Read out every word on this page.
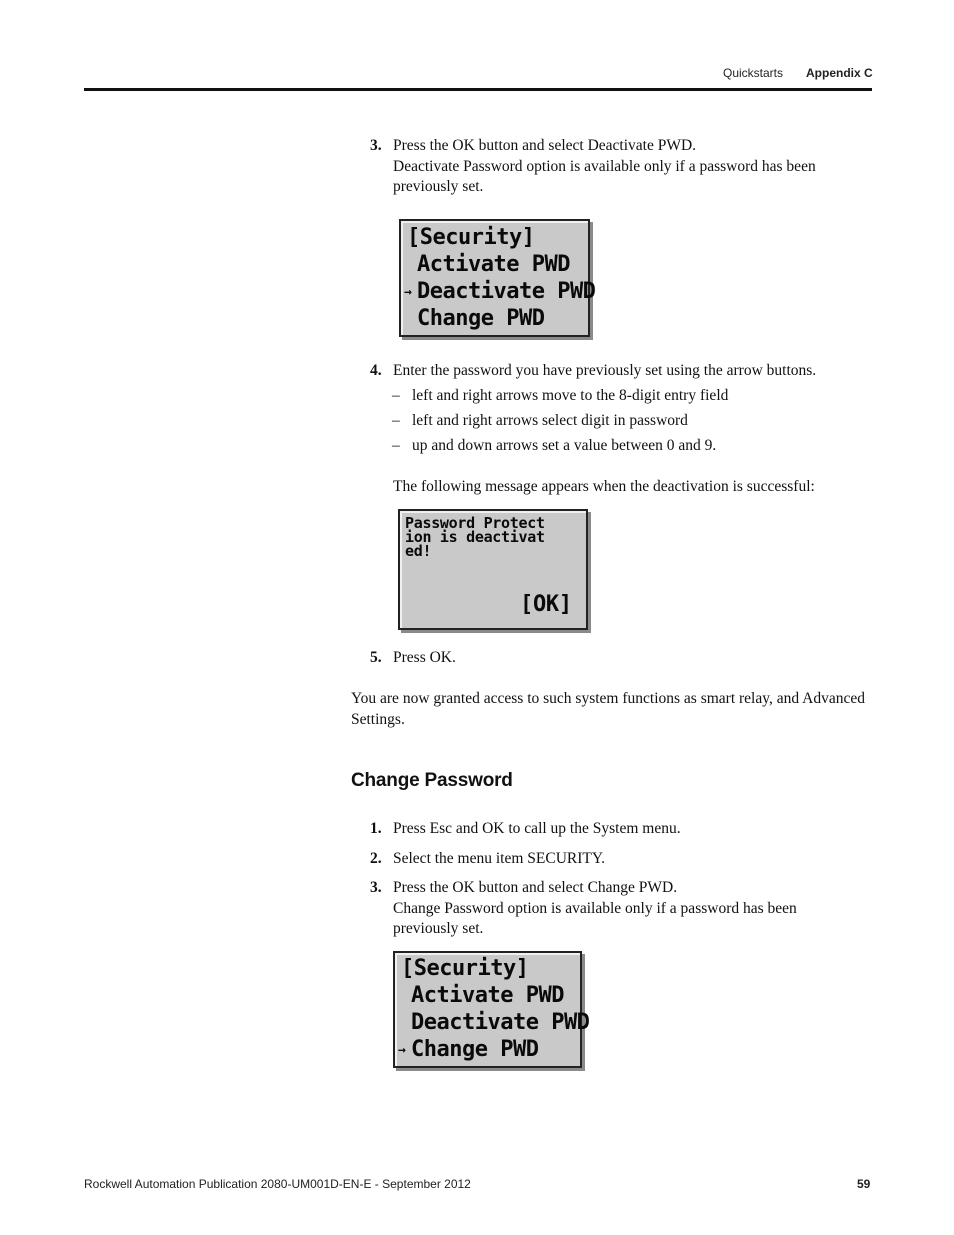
Quickstarts Appendix C
3. Press the OK button and select Deactivate PWD.
Deactivate Password option is available only if a password has been previously set.
[Security]
Activate PWD
→ Deactivate PWD
Change PWD
4. Enter the password you have previously set using the arrow buttons.
– left and right arrows move to the 8-digit entry field
– left and right arrows select digit in password
– up and down arrows set a value between 0 and 9.
The following message appears when the deactivation is successful:
Password Protect
ion is deactivat
ed!
[OK]
5. Press OK.
You are now granted access to such system functions as smart relay, and Advanced Settings.
Change Password
1. Press Esc and OK to call up the System menu.
2. Select the menu item SECURITY.
3. Press the OK button and select Change PWD.
Change Password option is available only if a password has been previously set.
[Security]
Activate PWD
Deactivate PWD
→ Change PWD
Rockwell Automation Publication 2080-UM001D-EN-E - September 2012	59
